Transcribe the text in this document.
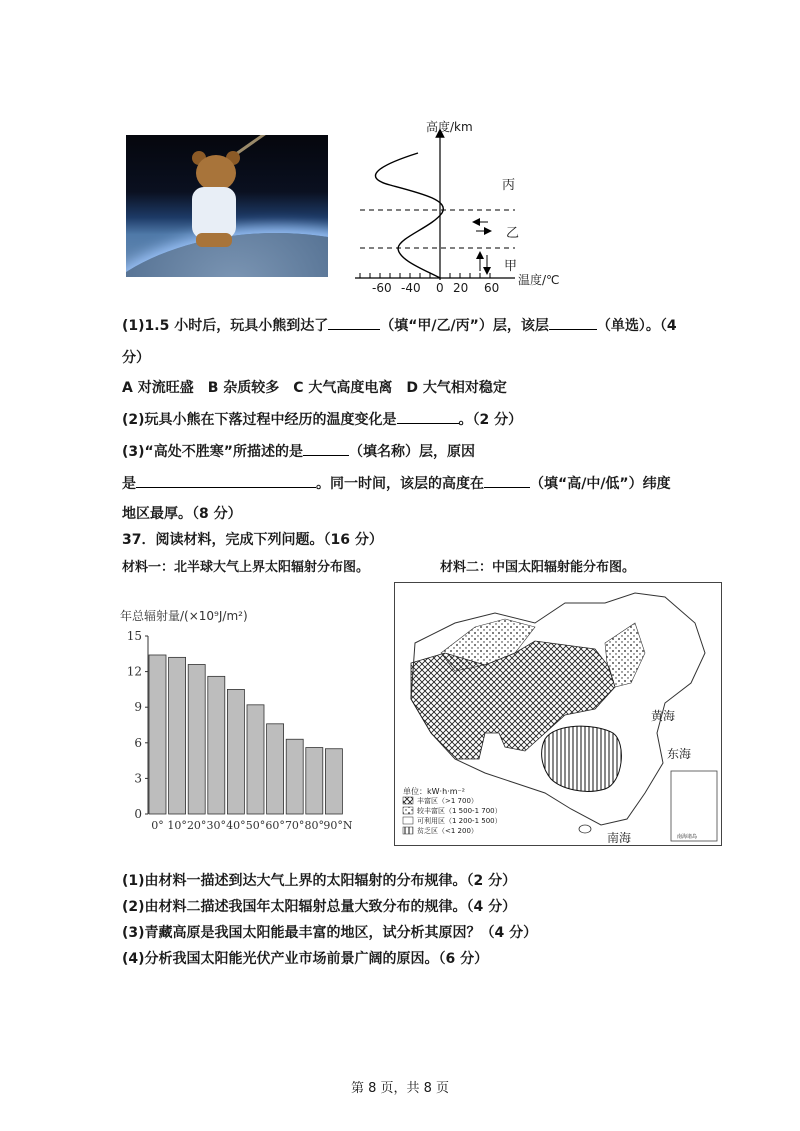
高度/km
温度/℃
-60 -40 0 20 60
丙
乙
甲
(1)1.5 小时后，玩具小熊到达了	（填“甲/乙/丙”）层，该层	（单选）。（4
分）
A 对流旺盛　B 杂质较多　C 大气高度电离　D 大气相对稳定
(2)玩具小熊在下落过程中经历的温度变化是	。（2 分）
(3)“高处不胜寒”所描述的是	（填名称）层，原因
是	。同一时间，该层的高度在	（填“高/中/低”）纬度
地区最厚。（8 分）
37．阅读材料，完成下列问题。（16 分）
材料一：北半球大气上界太阳辐射分布图。	材料二：中国太阳辐射能分布图。
年总辐射量/(×10⁹J/m²)
0
3
6
9
12
15
0° 10° 20° 30° 40° 50° 60° 70° 80° 90°N
黄海
东海
南海
单位：kW·h·m⁻²
丰富区（>1 700）
较丰富区（1 500-1 700）
可利用区（1 200-1 500）
贫乏区（<1 200）
南海诸岛
(1)由材料一描述到达大气上界的太阳辐射的分布规律。（2 分）
(2)由材料二描述我国年太阳辐射总量大致分布的规律。（4 分）
(3)青藏高原是我国太阳能最丰富的地区，试分析其原因？（4 分）
(4)分析我国太阳能光伏产业市场前景广阔的原因。（6 分）
第 8 页，共 8 页
